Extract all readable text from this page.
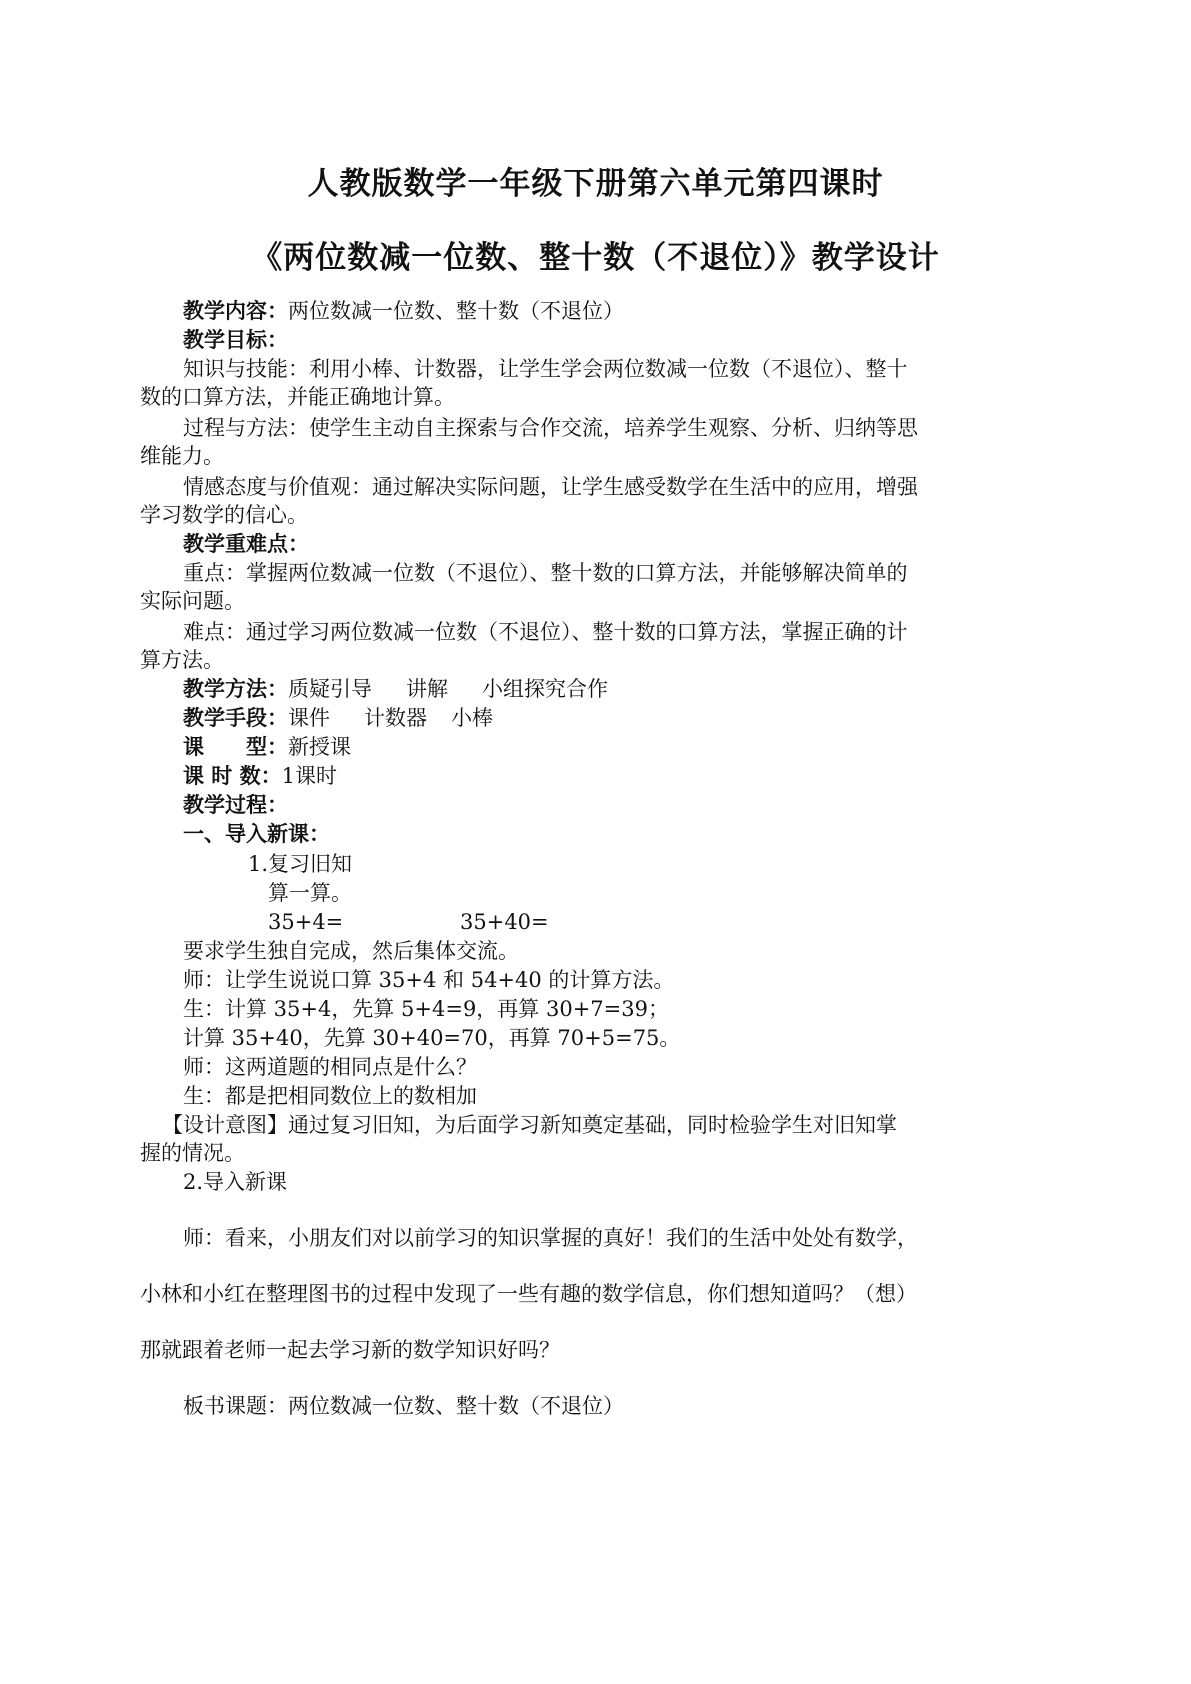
人教版数学一年级下册第六单元第四课时
《两位数减一位数、整十数（不退位）》教学设计
教学内容：两位数减一位数、整十数（不退位）
教学目标：
知识与技能：利用小棒、计数器，让学生学会两位数减一位数（不退位）、整十
数的口算方法，并能正确地计算。
过程与方法：使学生主动自主探索与合作交流，培养学生观察、分析、归纳等思
维能力。
情感态度与价值观：通过解决实际问题，让学生感受数学在生活中的应用，增强
学习数学的信心。
教学重难点：
重点：掌握两位数减一位数（不退位）、整十数的口算方法，并能够解决简单的
实际问题。
难点：通过学习两位数减一位数（不退位）、整十数的口算方法，掌握正确的计
算方法。
教学方法：质疑引导 讲解 小组探究合作
教学手段：课件 计数器 小棒
课 型：新授课
课 时 数：1课时
教学过程：
一、导入新课：
1.复习旧知
算一算。
35+4=	35+40=
要求学生独自完成，然后集体交流。
师：让学生说说口算 35+4 和 54+40 的计算方法。
生：计算 35+4，先算 5+4=9，再算 30+7=39；
计算 35+40，先算 30+40=70，再算 70+5=75。
师：这两道题的相同点是什么？
生：都是把相同数位上的数相加
【设计意图】通过复习旧知，为后面学习新知奠定基础，同时检验学生对旧知掌
握的情况。
2.导入新课
师：看来，小朋友们对以前学习的知识掌握的真好！我们的生活中处处有数学，
小林和小红在整理图书的过程中发现了一些有趣的数学信息，你们想知道吗？（想）
那就跟着老师一起去学习新的数学知识好吗？
板书课题：两位数减一位数、整十数（不退位）
